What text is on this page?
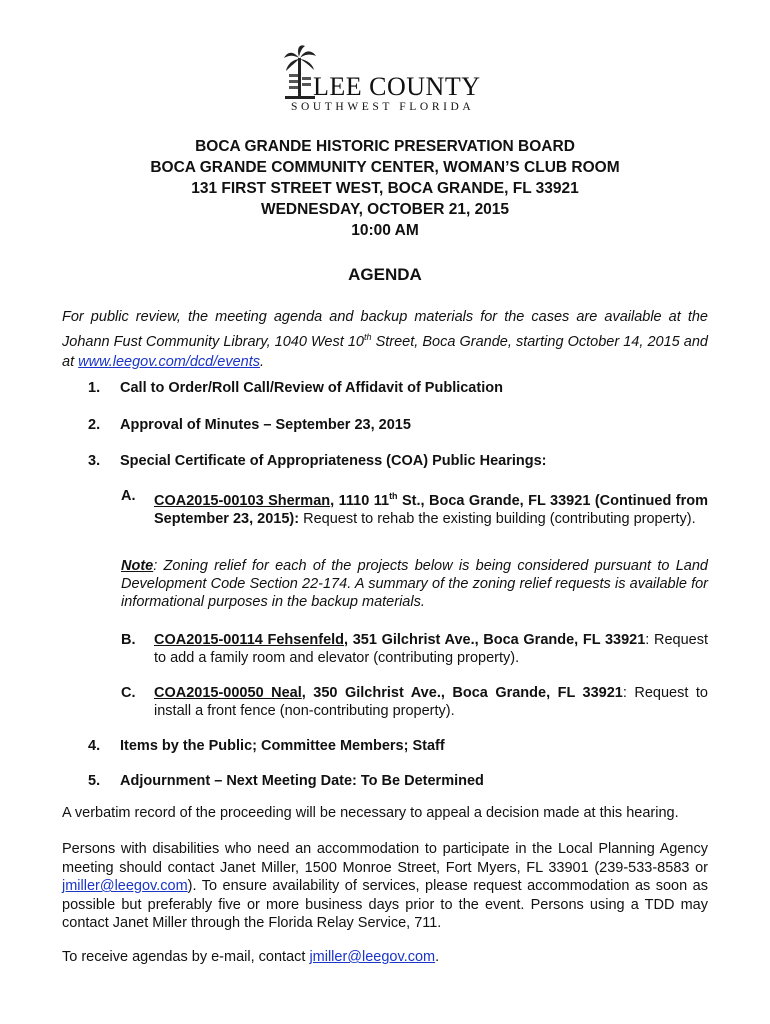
LEE COUNTY
SOUTHWEST FLORIDA
BOCA GRANDE HISTORIC PRESERVATION BOARD
BOCA GRANDE COMMUNITY CENTER, WOMAN’S CLUB ROOM
131 FIRST STREET WEST, BOCA GRANDE, FL 33921
WEDNESDAY, OCTOBER 21, 2015
10:00 AM
AGENDA
For public review, the meeting agenda and backup materials for the cases are available at the Johann Fust Community Library, 1040 West 10th Street, Boca Grande, starting October 14, 2015 and at www.leegov.com/dcd/events.
1. Call to Order/Roll Call/Review of Affidavit of Publication
2. Approval of Minutes – September 23, 2015
3. Special Certificate of Appropriateness (COA) Public Hearings:
A. COA2015-00103 Sherman, 1110 11th St., Boca Grande, FL 33921 (Continued from September 23, 2015): Request to rehab the existing building (contributing property).
Note: Zoning relief for each of the projects below is being considered pursuant to Land Development Code Section 22-174. A summary of the zoning relief requests is available for informational purposes in the backup materials.
B. COA2015-00114 Fehsenfeld, 351 Gilchrist Ave., Boca Grande, FL 33921: Request to add a family room and elevator (contributing property).
C. COA2015-00050 Neal, 350 Gilchrist Ave., Boca Grande, FL 33921: Request to install a front fence (non-contributing property).
4. Items by the Public; Committee Members; Staff
5. Adjournment – Next Meeting Date: To Be Determined
A verbatim record of the proceeding will be necessary to appeal a decision made at this hearing.
Persons with disabilities who need an accommodation to participate in the Local Planning Agency meeting should contact Janet Miller, 1500 Monroe Street, Fort Myers, FL 33901 (239-533-8583 or jmiller@leegov.com). To ensure availability of services, please request accommodation as soon as possible but preferably five or more business days prior to the event. Persons using a TDD may contact Janet Miller through the Florida Relay Service, 711.
To receive agendas by e-mail, contact jmiller@leegov.com.
